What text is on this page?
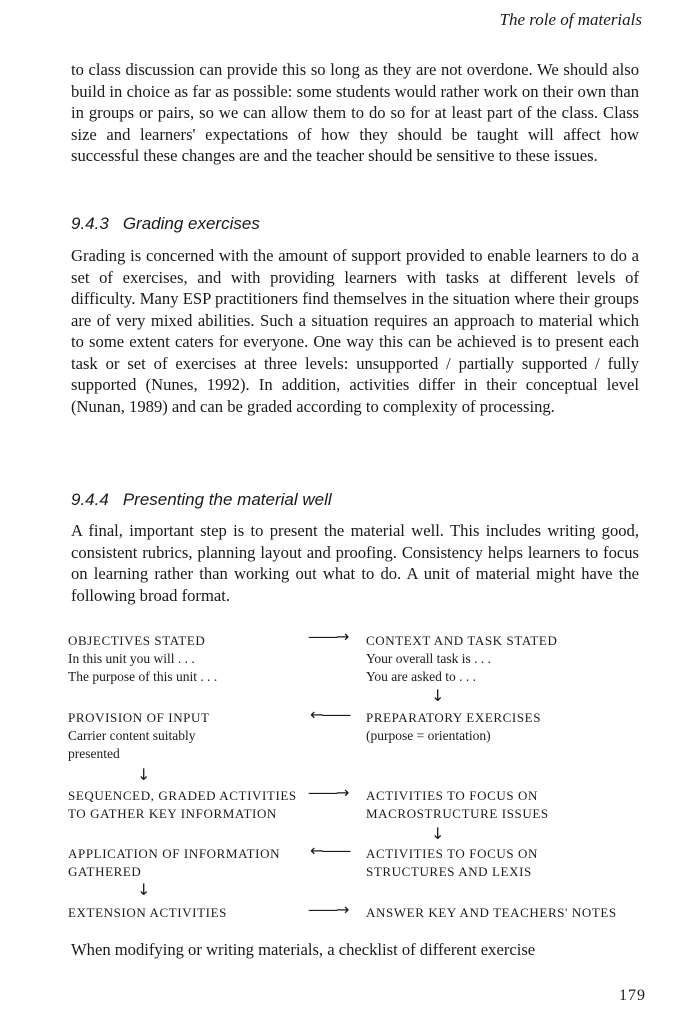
The role of materials

to class discussion can provide this so long as they are not overdone. We should also build in choice as far as possible: some students would rather work on their own than in groups or pairs, so we can allow them to do so for at least part of the class. Class size and learners' expectations of how they should be taught will affect how successful these changes are and the teacher should be sensitive to these issues.

9.4.3 Grading exercises

Grading is concerned with the amount of support provided to enable learners to do a set of exercises, and with providing learners with tasks at different levels of difficulty. Many ESP practitioners find themselves in the situation where their groups are of very mixed abilities. Such a situation requires an approach to material which to some extent caters for everyone. One way this can be achieved is to present each task or set of exercises at three levels: unsupported / partially supported / fully supported (Nunes, 1992). In addition, activities differ in their conceptual level (Nunan, 1989) and can be graded according to complexity of processing.

9.4.4 Presenting the material well

A final, important step is to present the material well. This includes writing good, consistent rubrics, planning layout and proofing. Consistency helps learners to focus on learning rather than working out what to do. A unit of material might have the following broad format.

OBJECTIVES STATED
In this unit you will . . .
The purpose of this unit . . .
PROVISION OF INPUT
Carrier content suitably
presented
SEQUENCED, GRADED ACTIVITIES
TO GATHER KEY INFORMATION
APPLICATION OF INFORMATION
GATHERED
EXTENSION ACTIVITIES
CONTEXT AND TASK STATED
Your overall task is . . .
You are asked to . . .
PREPARATORY EXERCISES
(purpose = orientation)
ACTIVITIES TO FOCUS ON
MACROSTRUCTURE ISSUES
ACTIVITIES TO FOCUS ON
STRUCTURES AND LEXIS
ANSWER KEY AND TEACHERS' NOTES
——→
↓
←——
↓
——→
↓
←——
↓
——→

When modifying or writing materials, a checklist of different exercise

179
